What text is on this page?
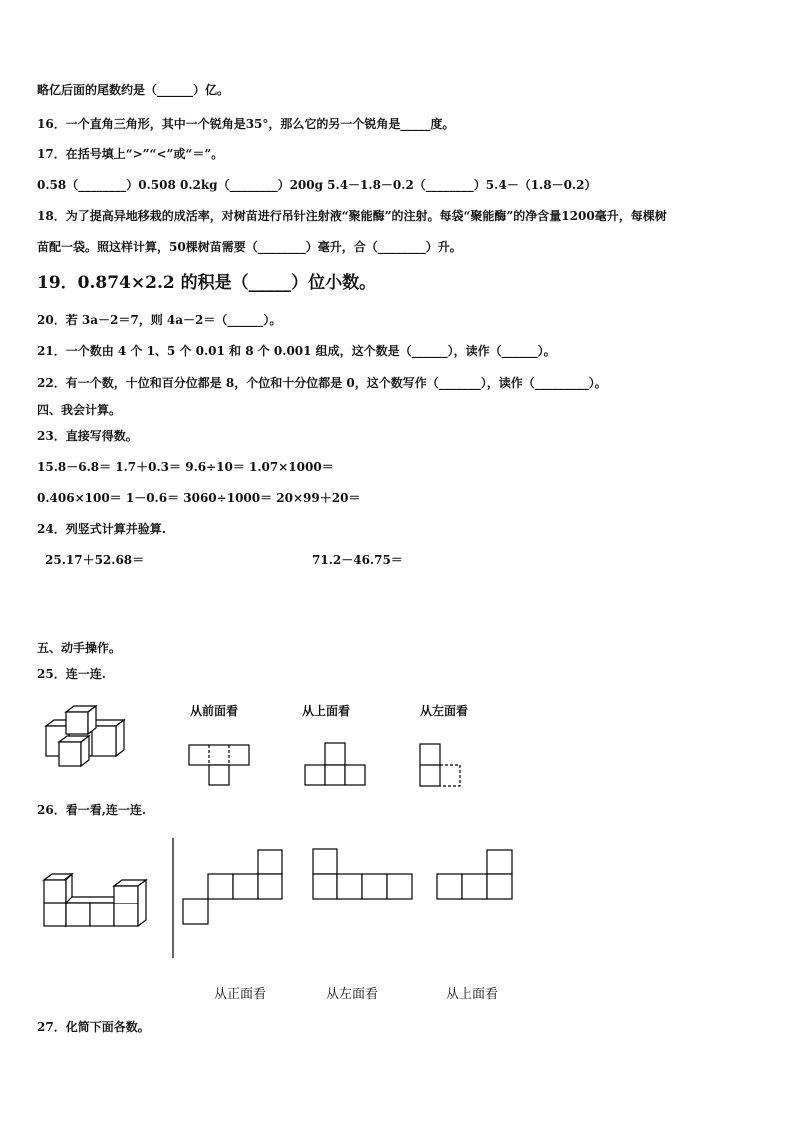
略亿后面的尾数约是（______）亿。
16．一个直角三角形，其中一个锐角是35°，那么它的另一个锐角是_____度。
17．在括号填上“>”“<”或“＝”。
0.58（________）0.508 0.2kg（________）200g 5.4－1.8－0.2（________）5.4－（1.8－0.2）
18．为了提高异地移栽的成活率，对树苗进行吊针注射液“聚能酶”的注射。每袋“聚能酶”的净含量1200毫升，每棵树
苗配一袋。照这样计算，50棵树苗需要（________）毫升，合（________）升。
19．0.874×2.2 的积是（_____）位小数。
20．若 3a－2＝7，则 4a－2＝（______）。
21．一个数由 4 个 1、5 个 0.01 和 8 个 0.001 组成，这个数是（______），读作（______）。
22．有一个数，十位和百分位都是 8，个位和十分位都是 0，这个数写作（_______），读作（_________）。
四、我会计算。
23．直接写得数。
15.8－6.8＝ 1.7＋0.3＝ 9.6÷10＝ 1.07×1000＝
0.406×100＝ 1－0.6＝ 3060÷1000＝ 20×99＋20＝
24．列竖式计算并验算.
25.17＋52.68＝	71.2－46.75＝
五、动手操作。
25．连一连.
从前面看	从上面看	从左面看
26．看一看,连一连.
从正面看	从左面看	从上面看
27．化简下面各数。
